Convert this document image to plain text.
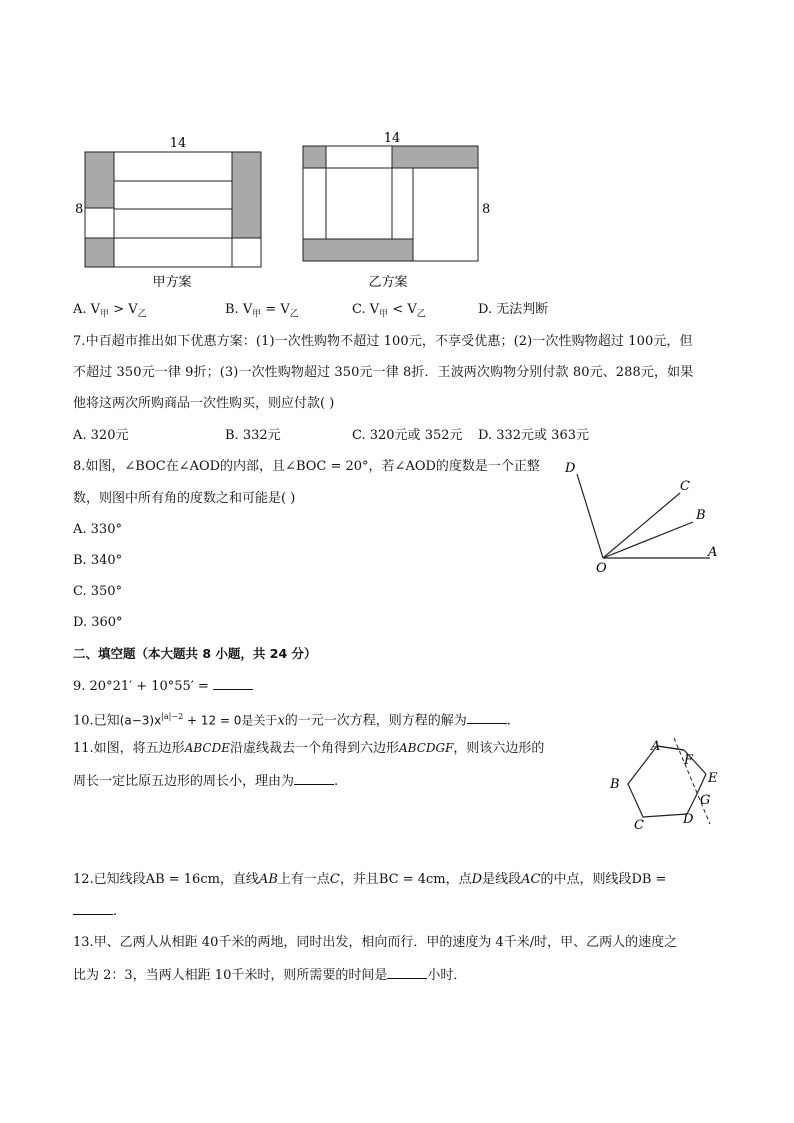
14
8
14
8
甲方案	乙方案
A. $V_甲 > V_乙$	B. $V_甲 = V_乙$	C. $V_甲 < V_乙$	D. 无法判断
7.中百超市推出如下优惠方案：(1)一次性购物不超过 100元，不享受优惠；(2)一次性购物超过 100元，但
不超过 350元一律 9折；(3)一次性购物超过 350元一律 8折．王波两次购物分别付款 80元、288元，如果
他将这两次所购商品一次性购买，则应付款( )
A. 320元	B. 332元	C. 320元或 352元 D. 332元或 363元
8.如图，∠BOC在∠AOD的内部，且∠BOC = 20°，若∠AOD的度数是一个正整
数，则图中所有角的度数之和可能是( )
A. 330°
B. 340°
C. 350°
D. 360°
D
C
B
A
O
二、填空题（本大题共 8 小题，共 24 分）
9. 20°21′ + 10°55′ =
10.已知$(a-3)x^{|a|-2} + 12 = 0$是关于x的一元一次方程，则方程的解为	.
11.如图，将五边形ABCDE沿虚线裁去一个角得到六边形ABCDGF，则该六边形的
周长一定比原五边形的周长小，理由为	.
A
F
E
B
G
C	D
12.已知线段AB = 16cm，直线AB上有一点C，并且BC = 4cm，点D是线段AC的中点，则线段DB =
.
13.甲、乙两人从相距 40千米的两地，同时出发，相向而行．甲的速度为 4千米/时，甲、乙两人的速度之
比为 2：3，当两人相距 10千米时，则所需要的时间是	小时．
